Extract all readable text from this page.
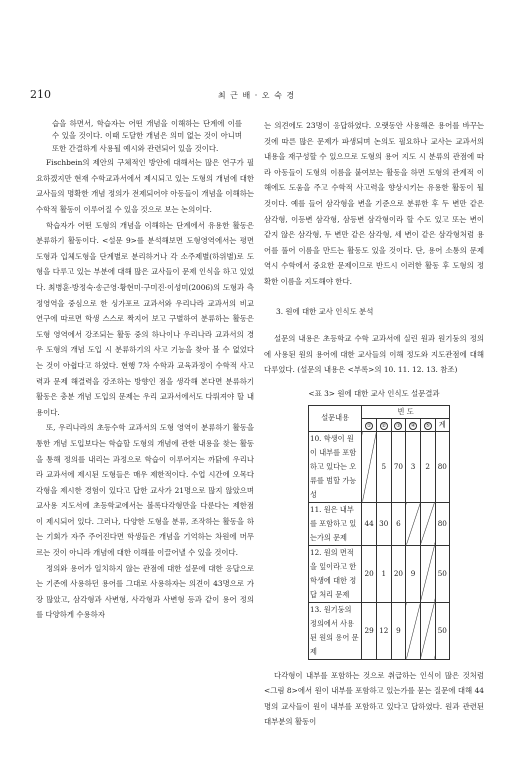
210	최 근 배 · 오 숙 경

습을 하면서, 학습자는 어떤 개념을 이해하는 단계에 이를 수 있을 것이다. 이때 도달한 개념은 의미 없는 것이 아니며 또한 간결하게 사용될 예시와 관련되어 있을 것이다.

Fischbein의 제안의 구체적인 방안에 대해서는 많은 연구가 필요하겠지만 현재 수학교과서에서 제시되고 있는 도형의 개념에 대한 교사들의 명확한 개념 정의가 전제되어야 아동들이 개념을 이해하는 수학적 활동이 이루어질 수 있을 것으로 보는 논의이다.

학습자가 어떤 도형의 개념을 이해하는 단계에서 유용한 활동은 분류하기 활동이다. <설문 9>를 분석해보면 도형영역에서는 평면도형과 입체도형을 단계별로 분리하거나 각 소주제별(하위별)로 도형을 다루고 있는 부분에 대해 많은 교사들이 문제 인식을 하고 있었다. 최병훈·방정숙·송근영·황현미·구미진·이성미(2006)의 도형과 측정영역을 중심으로 한 싱가포르 교과서와 우리나라 교과서의 비교 연구에 따르면 학생 스스로 짝지어 보고 구별하여 분류하는 활동은 도형 영역에서 강조되는 활동 중의 하나이나 우리나라 교과서의 경우 도형의 개념 도입 시 분류하기의 사고 기능을 찾아 볼 수 없었다는 것이 아쉽다고 하였다. 현행 7차 수학과 교육과정이 수학적 사고력과 문제 해결력을 강조하는 방향인 점을 생각해 본다면 분류하기 활동은 충분 개념 도입의 문제는 우리 교과서에서도 다뤄져야 할 내용이다.

또, 우리나라의 초등수학 교과서의 도형 영역이 분류하기 활동을 통한 개념 도입보다는 학습할 도형의 개념에 관한 내용을 찾는 활동을 통해 정의를 내리는 과정으로 학습이 이루어지는 까닭에 우리나라 교과서에 제시된 도형들은 매우 제한적이다. 수업 시간에 오목다각형을 제시한 경험이 있다고 답한 교사가 21명으로 많지 않았으며 교사용 지도서에 초등학교에서는 볼록다각형만을 다룬다는 제한점이 제시되어 있다. 그러나, 다양한 도형을 분류, 조작하는 활동을 하는 기회가 자주 주어진다면 학생들은 개념을 기억하는 차원에 머무르는 것이 아니라 개념에 대한 이해를 이끌어낼 수 있을 것이다.

정의와 용어가 일치하지 않는 관점에 대한 설문에 대한 응답으로는 기존에 사용하던 용어를 그대로 사용하자는 의견이 43명으로 가장 많았고, 삼각형과 사변형, 사각형과 사변형 등과 같이 용어 정의를 다양하게 수용하자

는 의견에도 23명이 응답하였다. 오랫동안 사용해온 용어를 바꾸는 것에 따른 많은 문제가 파생되며 논의도 필요하나 교사는 교과서의 내용을 재구성할 수 있으므로 도형의 용어 지도 시 분류의 관점에 따라 아동들이 도형의 이름을 붙여보는 활동을 하면 도형의 관계적 이해에도 도움을 주고 수학적 사고력을 향상시키는 유용한 활동이 될 것이다. 예를 들어 삼각형을 변을 기준으로 분류한 후 두 변만 같은 삼각형, 이등변 삼각형, 삼등변 삼각형이라 할 수도 있고 또는 변이 같지 않은 삼각형, 두 변만 같은 삼각형, 세 변이 같은 삼각형처럼 용어를 풀어 이름을 만드는 활동도 있을 것이다. 단, 용어 소통의 문제 역시 수학에서 중요한 문제이므로 반드시 이러한 활동 후 도형의 정확한 이름을 지도해야 한다.

3. 원에 대한 교사 인식도 분석

설문의 내용은 초등학교 수학 교과서에 실린 원과 원기둥의 정의에 사용된 원의 용어에 대한 교사들의 이해 정도와 지도관점에 대해 다루었다. (설문의 내용은 <부록>의 10. 11. 12. 13. 참조)

<표 3> 원에 대한 교사 인식도 설문결과

설문내용	빈 도					
	①	②	③	④	⑤	계
10. 학생이 원이 내부를 포함하고 있다는 오류를 범할 가능성		5	70	3	2	80
11. 원은 내부를 포함하고 있는가의 문제	44	30	6			80
12. 원의 면적을 잎이라고 한 학생에 대한 정답 처리 문제	20	1	20	9		50
13. 원기둥의 정의에서 사용된 원의 용어 문제	29	12	9			50

다각형이 내부를 포함하는 것으로 취급하는 인식이 많은 것처럼 <그림 8>에서 원이 내부를 포함하고 있는가를 묻는 질문에 대해 44명의 교사들이 원이 내부를 포함하고 있다고 답하였다. 원과 관련된 대부분의 활동이
